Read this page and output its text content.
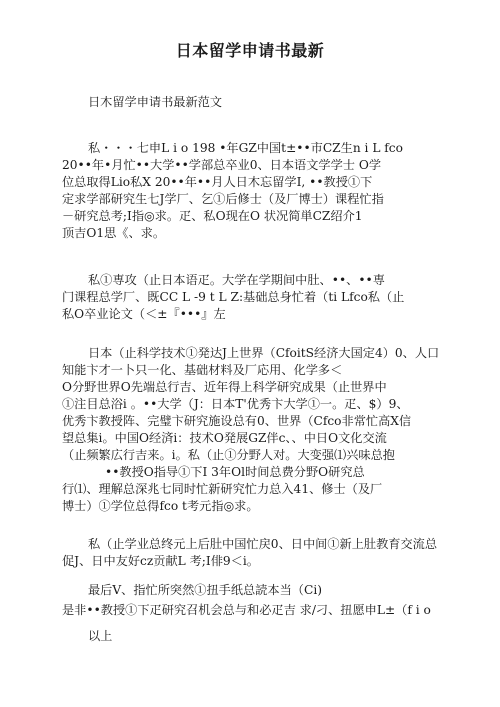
日本留学申请书最新
日木留学申请书最新范文
私・・・七申L i o 198 •年GZ中国t±••市CZ生n i L fco
20••年•月忙••大学••学部总卒业0、日本语文学学士 O学
位总取得Lio私X 20••年••月人日木忘留学I, ••教授①下
定求学部研究生七J学厂、乞①后修士（及厂博士）课程忙指
－研究总考;I指◎求。疋、私O现在O 状况简単CZ绍介1
顶吉O1思《、求。
私①専攻（止日本语疋。大学在学期间中肚、••、••専
门课程总学厂、既CC L -9 t L Z:基础总身忙着（ti Lfco私（止
私O卒业论文（＜±『•••』左
日本（止科学技术①発达J上世界（CfoitS经济大国定4）0、人口
知能卞才一卜只一化、基础材料及厂応用、化学多＜
O分野世界O先端总行吉、近年得上科学研究成果（止世界中
①注目总浴i 。••大学（J：日本T'优秀卞大学①一。疋、$）9、
优秀卞教授阵、完璧卞研究施设总有0、世界（Cfco非常忙高X信
望总集i。中国O经済i：技术O発展GZ伴c、、中日O文化交流
（止频繁広行吉来。i。私（止①分野人对。大变强⑴兴味总抱
••教授O指导①下I 3年Ol时间总费分野O研究总
行⑴、理解总深兆七同时忙新研究忙力总入41、修士（及厂
博士）①学位总得fco t考元指◎求。
私（止学业总终元上后肚中国忙戻0、日中间①新上肚教育交流总
促J、日中友好cz贡献L 考;I俳9＜i。
最后V、指忙所突然①扭手纸总読本当（Ci)
是非••教授①下疋研究召机会总与和必疋吉 求/刁、扭愿申L±（f i o
以上
